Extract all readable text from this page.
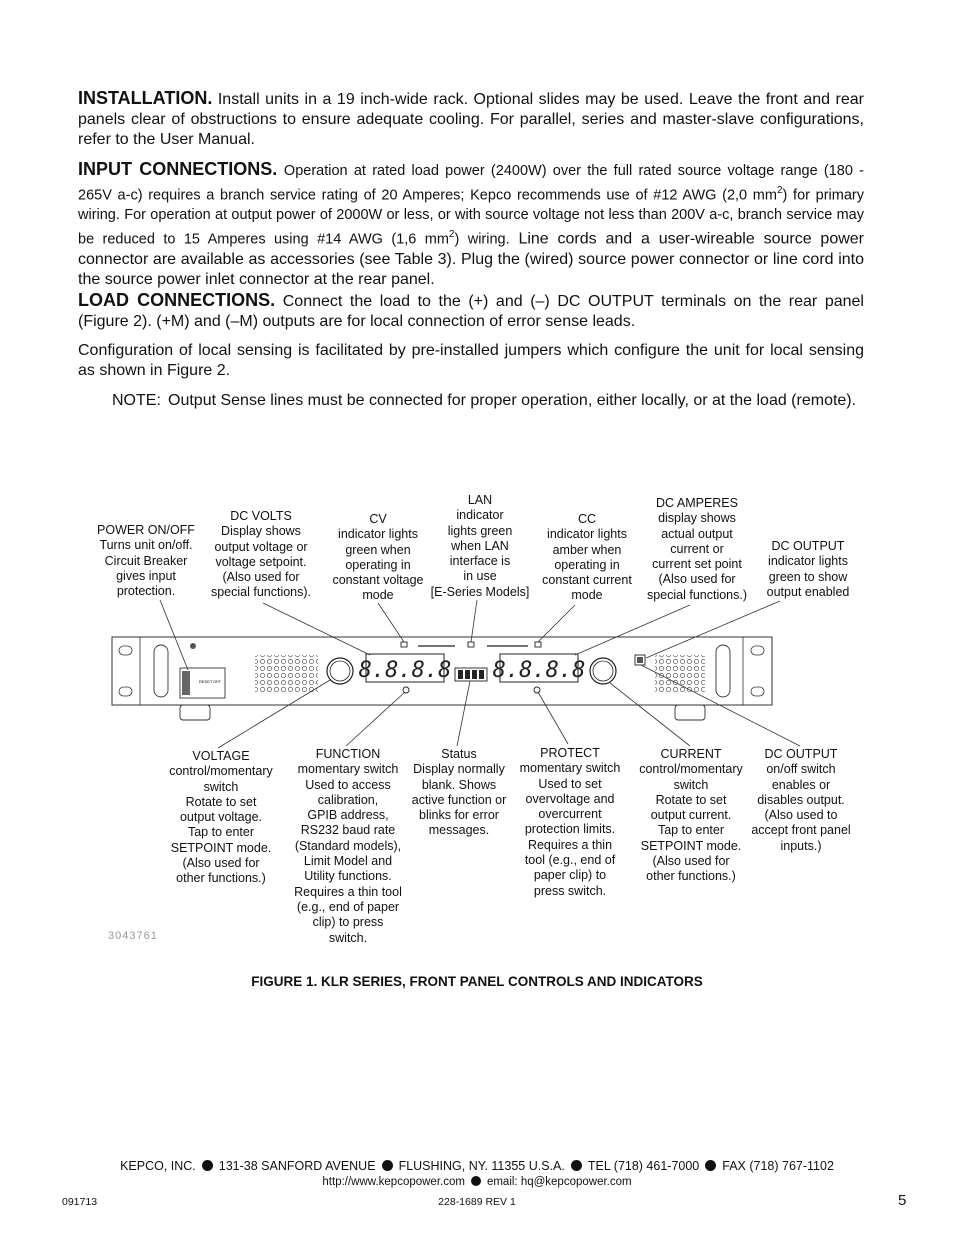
INSTALLATION. Install units in a 19 inch-wide rack. Optional slides may be used. Leave the front and rear panels clear of obstructions to ensure adequate cooling. For parallel, series and master-slave configurations, refer to the User Manual.
INPUT CONNECTIONS. Operation at rated load power (2400W) over the full rated source voltage range (180 - 265V a-c) requires a branch service rating of 20 Amperes; Kepco recommends use of #12 AWG (2,0 $mm^2$) for primary wiring. For operation at output power of 2000W or less, or with source voltage not less than 200V a-c, branch service may be reduced to 15 Amperes using #14 AWG (1,6 $mm^2$) wiring. Line cords and a user-wireable source power connector are available as accessories (see Table 3). Plug the (wired) source power connector or line cord into the source power inlet connector at the rear panel.
LOAD CONNECTIONS. Connect the load to the (+) and (–) DC OUTPUT terminals on the rear panel (Figure 2). (+M) and (–M) outputs are for local connection of error sense leads.
Configuration of local sensing is facilitated by pre-installed jumpers which configure the unit for local sensing as shown in Figure 2.
NOTE: Output Sense lines must be connected for proper operation, either locally, or at the load (remote).
POWER ON/OFF
Turns unit on/off.
Circuit Breaker
gives input
protection.
DC VOLTS
Display shows
output voltage or
voltage setpoint.
(Also used for
special functions).
CV
indicator lights
green when
operating in
constant voltage
mode
LAN
indicator
lights green
when LAN
interface is
in use
[E-Series Models]
CC
indicator lights
amber when
operating in
constant current
mode
DC AMPERES
display shows
actual output
current or
current set point
(Also used for
special functions.)
DC OUTPUT
indicator lights
green to show
output enabled
VOLTAGE
control/momentary
switch
Rotate to set
output voltage.
Tap to enter
SETPOINT mode.
(Also used for
other functions.)
FUNCTION
momentary switch
Used to access
calibration,
GPIB address,
RS232 baud rate
(Standard models),
Limit Model and
Utility functions.
Requires a thin tool
(e.g., end of paper
clip) to press
switch.
Status
Display normally
blank. Shows
active function or
blinks for error
messages.
PROTECT
momentary switch
Used to set
overvoltage and
overcurrent
protection limits.
Requires a thin
tool (e.g., end of
paper clip) to
press switch.
CURRENT
control/momentary
switch
Rotate to set
output current.
Tap to enter
SETPOINT mode.
(Also used for
other functions.)
DC OUTPUT
on/off switch
enables or
disables output.
(Also used to
accept front panel
inputs.)
RESET OFF	8.8.8.8 8.8.8.8
3043761
FIGURE 1. KLR SERIES, FRONT PANEL CONTROLS AND INDICATORS
KEPCO, INC. 131-38 SANFORD AVENUE FLUSHING, NY. 11355 U.S.A. TEL (718) 461-7000 FAX (718) 767-1102
http://www.kepcopower.com email: hq@kepcopower.com
091713	228-1689 REV 1	5
